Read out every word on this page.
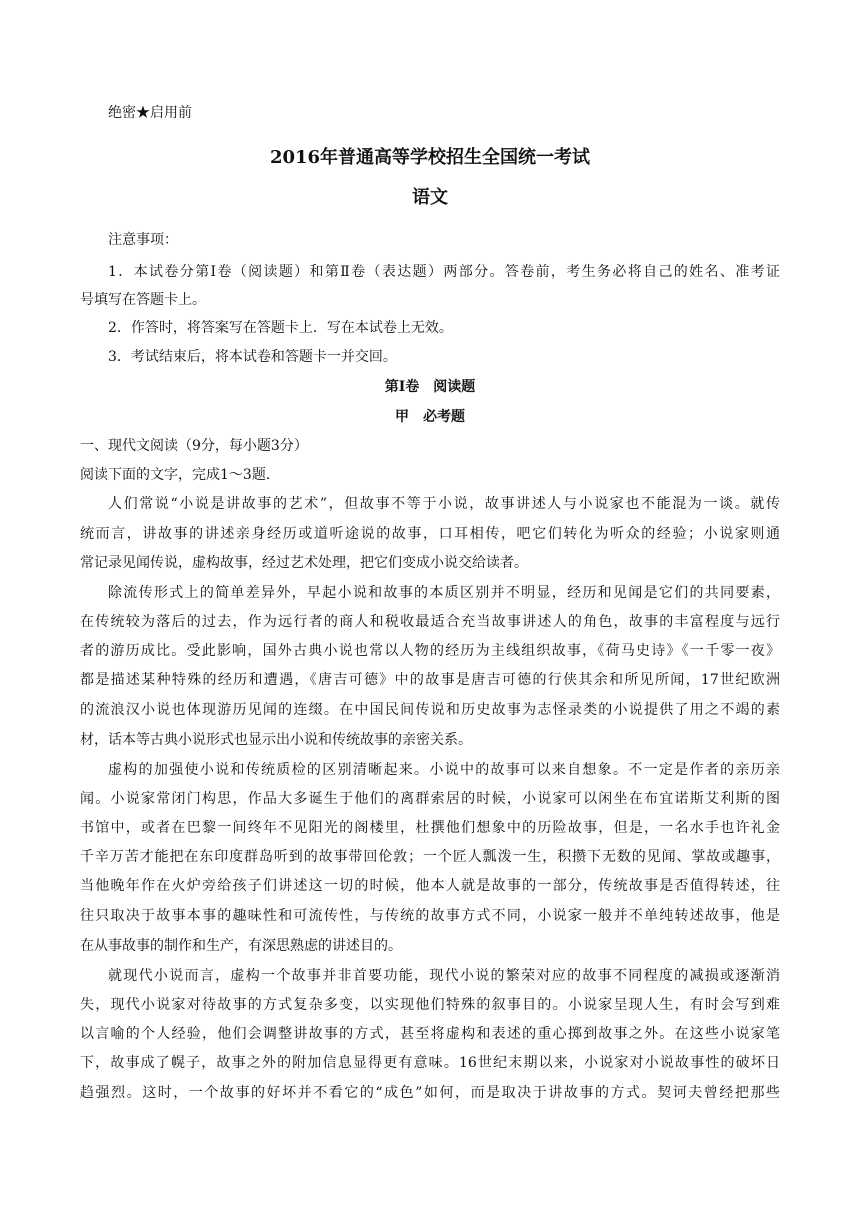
绝密★启用前
2016年普通高等学校招生全国统一考试
语文
注意事项：
1．本试卷分第Ⅰ卷（阅读题）和第Ⅱ卷（表达题）两部分。答卷前，考生务必将自己的姓名、准考证
号填写在答题卡上。
2．作答时，将答案写在答题卡上．写在本试卷上无效。
3．考试结束后，将本试卷和答题卡一并交回。
第Ⅰ卷　阅读题
甲　必考题
一、现代文阅读（9分，每小题3分）
阅读下面的文字，完成1～3题．
人们常说“小说是讲故事的艺术”，但故事不等于小说，故事讲述人与小说家也不能混为一谈。就传
统而言，讲故事的讲述亲身经历或道听途说的故事，口耳相传，吧它们转化为听众的经验；小说家则通
常记录见闻传说，虚构故事，经过艺术处理，把它们变成小说交给读者。
除流传形式上的简单差异外，早起小说和故事的本质区别并不明显，经历和见闻是它们的共同要素，
在传统较为落后的过去，作为远行者的商人和税收最适合充当故事讲述人的角色，故事的丰富程度与远行
者的游历成比。受此影响，国外古典小说也常以人物的经历为主线组织故事，《荷马史诗》《一千零一夜》
都是描述某种特殊的经历和遭遇，《唐吉可德》中的故事是唐吉可德的行侠其余和所见所闻，17世纪欧洲
的流浪汉小说也体现游历见闻的连缀。在中国民间传说和历史故事为志怪录类的小说提供了用之不竭的素
材，话本等古典小说形式也显示出小说和传统故事的亲密关系。
虚构的加强使小说和传统质检的区别清晰起来。小说中的故事可以来自想象。不一定是作者的亲历亲
闻。小说家常闭门构思，作品大多诞生于他们的离群索居的时候，小说家可以闲坐在布宜诺斯艾利斯的图
书馆中，或者在巴黎一间终年不见阳光的阁楼里，杜撰他们想象中的历险故事，但是，一名水手也许礼金
千辛万苦才能把在东印度群岛听到的故事带回伦敦；一个匠人瓢泼一生，积攒下无数的见闻、掌故或趣事，
当他晚年作在火炉旁给孩子们讲述这一切的时候，他本人就是故事的一部分，传统故事是否值得转述，往
往只取决于故事本事的趣味性和可流传性，与传统的故事方式不同，小说家一般并不单纯转述故事，他是
在从事故事的制作和生产，有深思熟虑的讲述目的。
就现代小说而言，虚构一个故事并非首要功能，现代小说的繁荣对应的故事不同程度的减损或逐渐消
失，现代小说家对待故事的方式复杂多变，以实现他们特殊的叙事目的。小说家呈现人生，有时会写到难
以言喻的个人经验，他们会调整讲故事的方式，甚至将虚构和表述的重心掷到故事之外。在这些小说家笔
下，故事成了幌子，故事之外的附加信息显得更有意味。16世纪末期以来，小说家对小说故事性的破坏日
趋强烈。这时，一个故事的好坏并不看它的“成色”如何，而是取决于讲故事的方式。契诃夫曾经把那些
